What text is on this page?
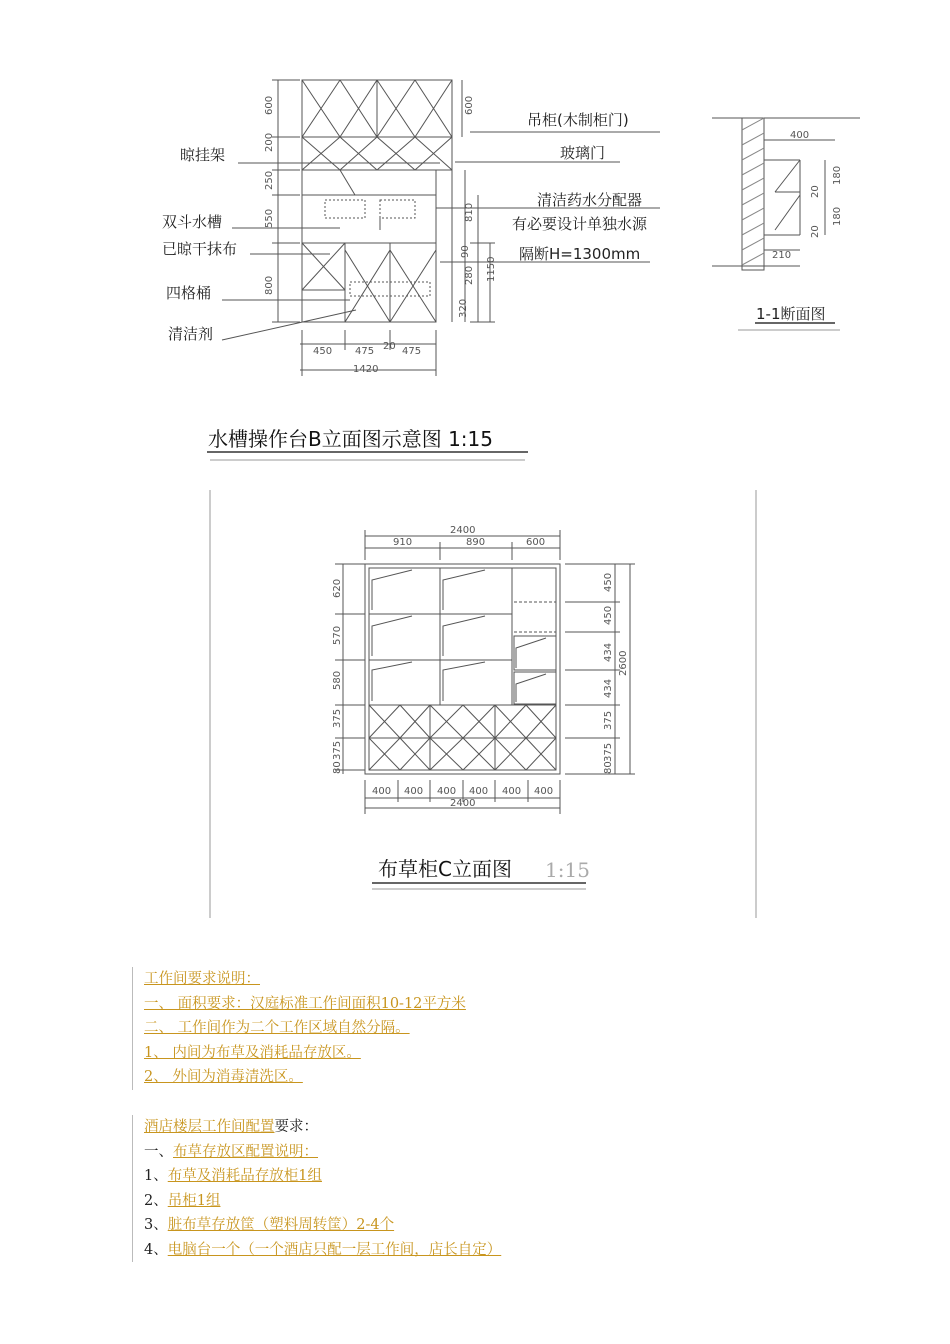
600
200
250
550
800
600
810
90
280
320
1150
450 475 20 475
1420
400
180
20
180
20
210
晾挂架
双斗水槽
已晾干抹布
四格桶
清洁剂
吊柜(木制柜门)
玻璃门
清洁药水分配器
有必要设计单独水源
隔断H=1300mm
1-1断面图
水槽操作台B立面图示意图 1:15
2400
910	890	600
620
570
580
375
375
80
450
450
434
434
375
375
80
2600
400 400 400 400 400 400
2400
布草柜C立面图 1:15
工作间要求说明：
一、 面积要求：汉庭标准工作间面积10-12平方米
二、 工作间作为二个工作区域自然分隔。
1、 内间为布草及消耗品存放区。
2、 外间为消毒清洗区。
酒店楼层工作间配置要求：
一、布草存放区配置说明：
1、布草及消耗品存放柜1组
2、吊柜1组
3、脏布草存放筐（塑料周转筐）2-4个
4、电脑台一个（一个酒店只配一层工作间，店长自定）
